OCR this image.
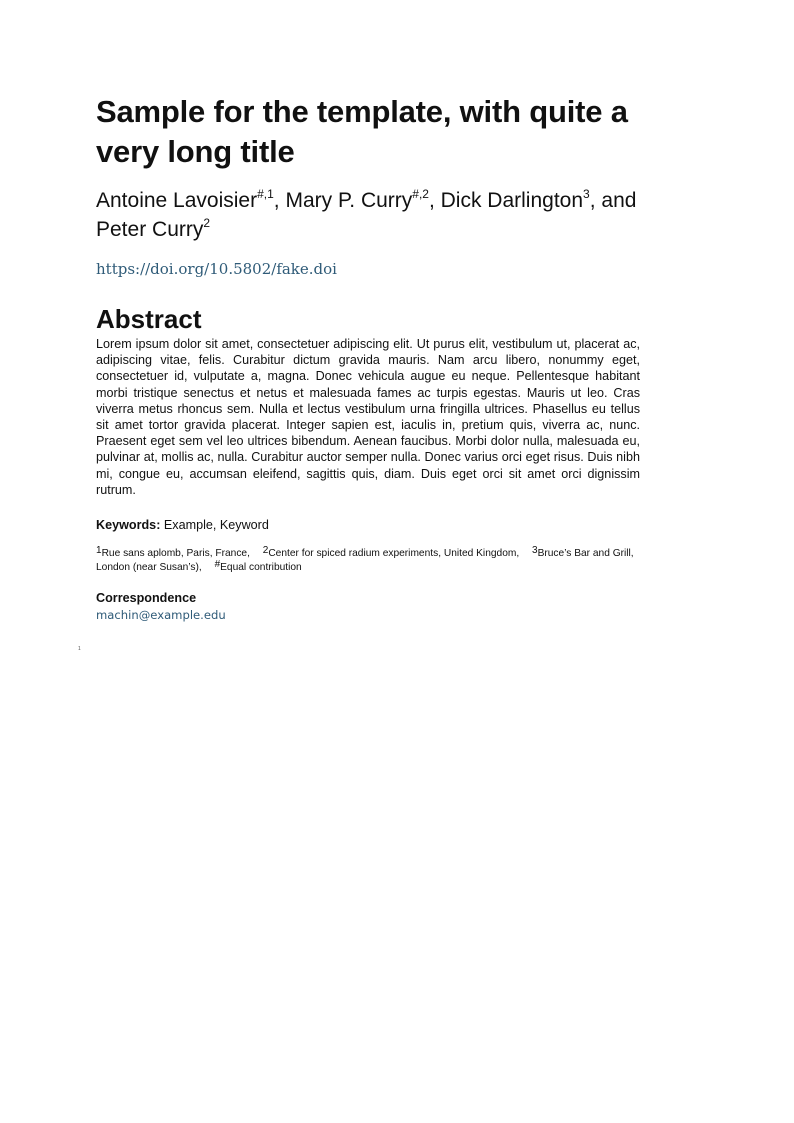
Sample for the template, with quite a very long title
Antoine Lavoisier$^{\#,1}$, Mary P. Curry$^{\#,2}$, Dick Darlington$^3$, and Peter Curry$^2$
https://doi.org/10.5802/fake.doi
Abstract
Lorem ipsum dolor sit amet, consectetuer adipiscing elit. Ut purus elit, vestibulum ut, placerat ac, adipiscing vitae, felis. Curabitur dictum gravida mauris. Nam arcu libero, nonummy eget, consectetuer id, vulputate a, magna. Donec vehicula augue eu neque. Pellentesque habitant morbi tristique senectus et netus et malesuada fames ac turpis egestas. Mauris ut leo. Cras viverra metus rhoncus sem. Nulla et lectus vestibulum urna fringilla ultrices. Phasellus eu tellus sit amet tortor gravida placerat. Integer sapien est, iaculis in, pretium quis, viverra ac, nunc. Praesent eget sem vel leo ultrices bibendum. Aenean faucibus. Morbi dolor nulla, malesuada eu, pulvinar at, mollis ac, nulla. Curabitur auctor semper nulla. Donec varius orci eget risus. Duis nibh mi, congue eu, accumsan eleifend, sagittis quis, diam. Duis eget orci sit amet orci dignissim rutrum.
Keywords: Example, Keyword
$^1$Rue sans aplomb, Paris, France, $^2$Center for spiced radium experiments, United Kingdom, $^3$Bruce’s Bar and Grill, London (near Susan’s), #Equal contribution
Correspondence
machin@example.edu
1
